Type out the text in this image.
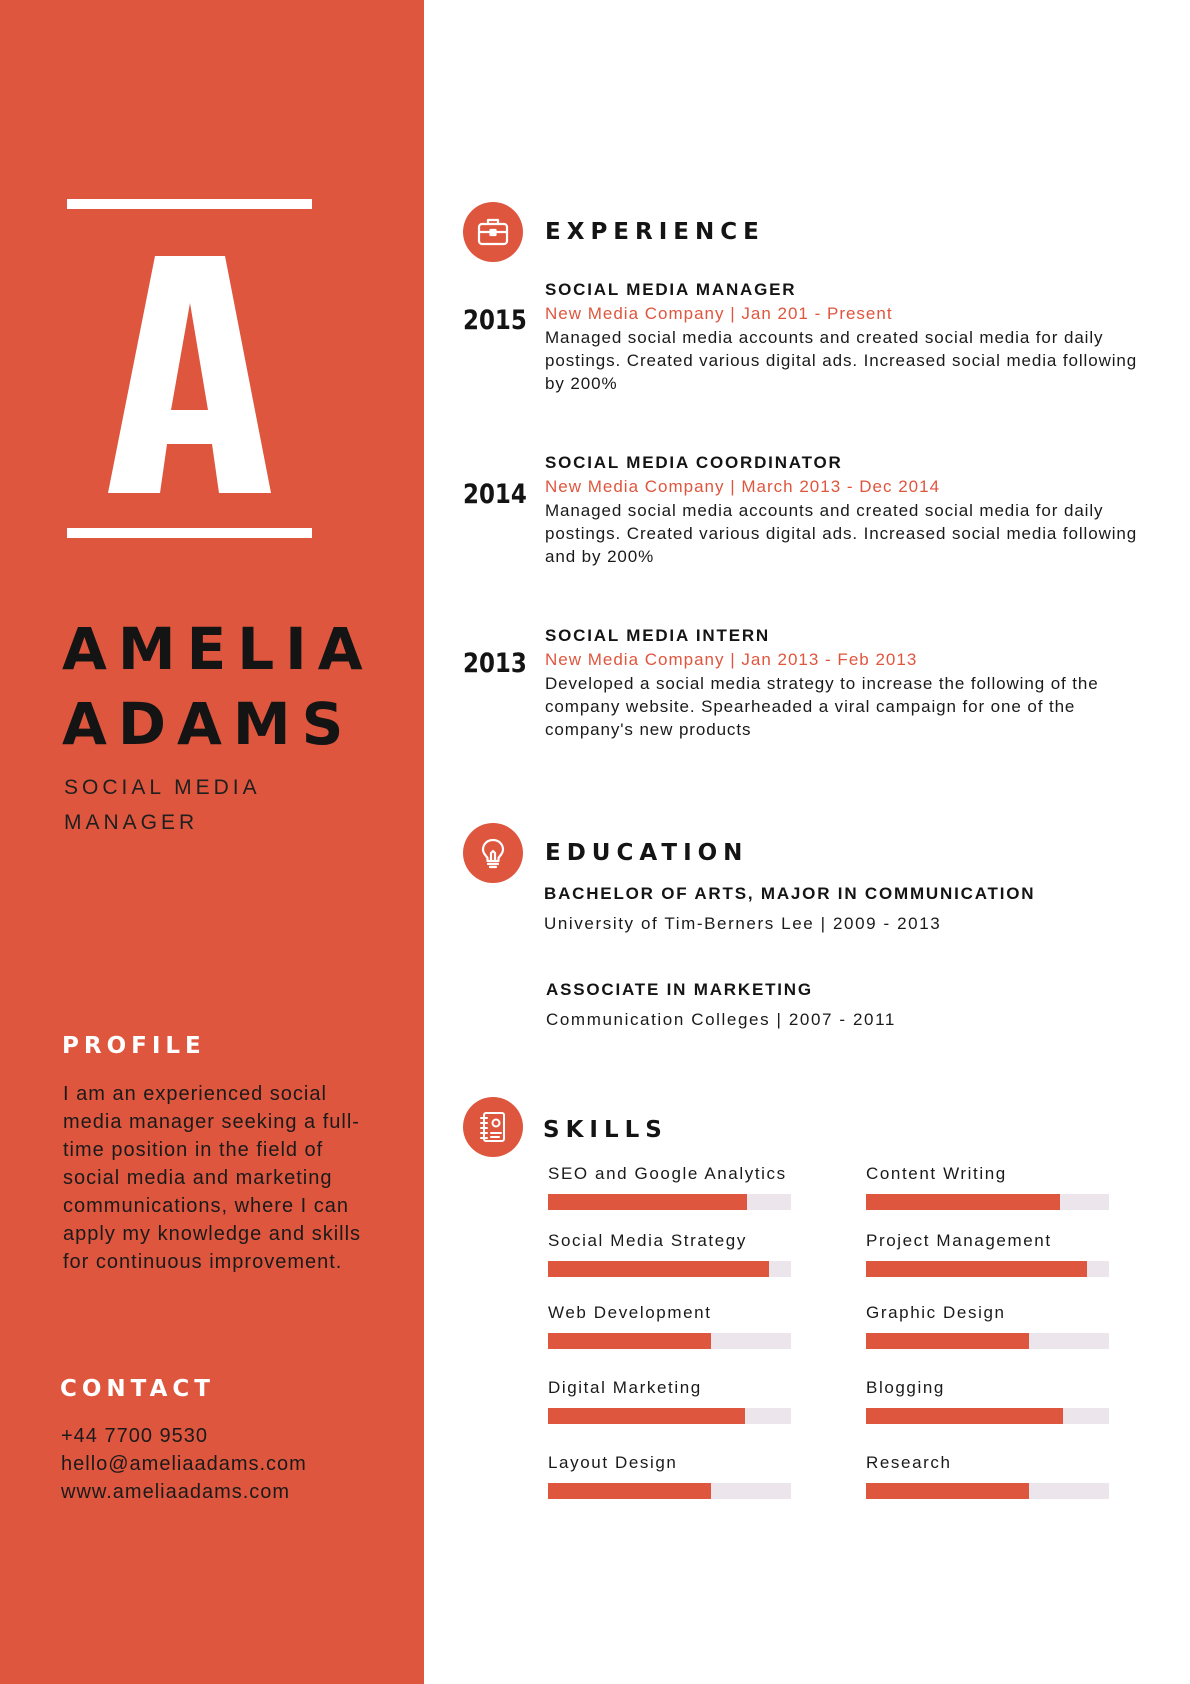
AMELIA
ADAMS
SOCIAL MEDIA MANAGER
PROFILE

I am an experienced social media manager seeking a full-time position in the field of social media and marketing communications, where I can apply my knowledge and skills for continuous improvement.

CONTACT
+44 7700 9530
hello@ameliaadams.com
www.ameliaadams.com
EXPERIENCE
2015
SOCIAL MEDIA MANAGER
New Media Company | Jan 201 - Present
Managed social media accounts and created social media for daily postings. Created various digital ads. Increased social media following by 200%
2014
SOCIAL MEDIA COORDINATOR
New Media Company | March 2013 - Dec 2014
Managed social media accounts and created social media for daily postings. Created various digital ads. Increased social media following and by 200%
2013
SOCIAL MEDIA INTERN
New Media Company | Jan 2013 - Feb 2013
Developed a social media strategy to increase the following of the company website. Spearheaded a viral campaign for one of the company's new products
EDUCATION
BACHELOR OF ARTS, MAJOR IN COMMUNICATION
University of Tim-Berners Lee | 2009 - 2013
ASSOCIATE IN MARKETING
Communication Colleges | 2007 - 2011
SKILLS
SEO and Google Analytics	Content Writing
Social Media Strategy	Project Management
Web Development	Graphic Design
Digital Marketing	Blogging
Layout Design	Research
